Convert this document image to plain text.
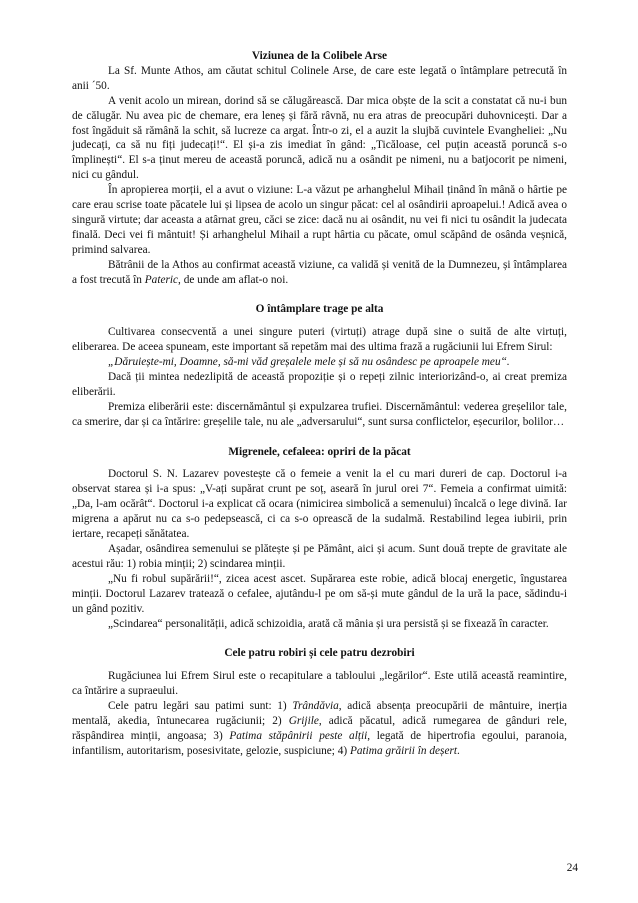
Viziunea de la Colibele Arse

La Sf. Munte Athos, am căutat schitul Colinele Arse, de care este legată o întâmplare petrecută în anii ´50.

A venit acolo un mirean, dorind să se călugărească. Dar mica obște de la scit a constatat că nu-i bun de călugăr. Nu avea pic de chemare, era leneș și fără râvnă, nu era atras de preocupări duhovnicești. Dar a fost îngăduit să rămână la schit, să lucreze ca argat. Într-o zi, el a auzit la slujbă cuvintele Evangheliei: „Nu judecați, ca să nu fiți judecați!“. El și-a zis imediat în gând: „Ticăloase, cel puțin această poruncă s-o împlinești“. El s-a ținut mereu de această poruncă, adică nu a osândit pe nimeni, nu a batjocorit pe nimeni, nici cu gândul.

În apropierea morții, el a avut o viziune: L-a văzut pe arhanghelul Mihail ținând în mână o hârtie pe care erau scrise toate păcatele lui și lipsea de acolo un singur păcat: cel al osândirii aproapelui.! Adică avea o singură virtute; dar aceasta a atârnat greu, căci se zice: dacă nu ai osândit, nu vei fi nici tu osândit la judecata finală. Deci vei fi mântuit! Și arhanghelul Mihail a rupt hârtia cu păcate, omul scăpând de osânda veșnică, primind salvarea.

Bătrânii de la Athos au confirmat această viziune, ca validă și venită de la Dumnezeu, și întâmplarea a fost trecută în Pateric, de unde am aflat-o noi.

O întâmplare trage pe alta

Cultivarea consecventă a unei singure puteri (virtuți) atrage după sine o suită de alte virtuți, eliberarea. De aceea spuneam, este important să repetăm mai des ultima frază a rugăciunii lui Efrem Sirul:

„Dăruiește-mi, Doamne, să-mi văd greșalele mele și să nu osândesc pe aproapele meu“.

Dacă ții mintea nedezlipită de această propoziție și o repeți zilnic interiorizând-o, ai creat premiza eliberării.

Premiza eliberării este: discernământul și expulzarea trufiei. Discernământul: vederea greșelilor tale, ca smerire, dar și ca întărire: greșelile tale, nu ale „adversarului“, sunt sursa conflictelor, eșecurilor, bolilor…

Migrenele, cefaleea: opriri de la păcat

Doctorul S. N. Lazarev povestește că o femeie a venit la el cu mari dureri de cap. Doctorul i-a observat starea și i-a spus: „V-ați supărat crunt pe soț, aseară în jurul orei 7“. Femeia a confirmat uimită: „Da, l-am ocărât“. Doctorul i-a explicat că ocara (nimicirea simbolică a semenului) încalcă o lege divină. Iar migrena a apărut nu ca s-o pedepsească, ci ca s-o oprească de la sudalmă. Restabilind legea iubirii, prin iertare, recapeți sănătatea.

Așadar, osândirea semenului se plătește și pe Pământ, aici și acum. Sunt două trepte de gravitate ale acestui rău: 1) robia minții; 2) scindarea minții.

„Nu fi robul supărării!“, zicea acest ascet. Supărarea este robie, adică blocaj energetic, îngustarea minții. Doctorul Lazarev tratează o cefalee, ajutându-l pe om să-și mute gândul de la ură la pace, sădindu-i un gând pozitiv.

„Scindarea“ personalității, adică schizoidia, arată că mânia și ura persistă și se fixează în caracter.

Cele patru robiri și cele patru dezrobiri

Rugăciunea lui Efrem Sirul este o recapitulare a tabloului „legărilor“. Este utilă această reamintire, ca întărire a supraeului.

Cele patru legări sau patimi sunt: 1) Trândăvia, adică absența preocupării de mântuire, inerția mentală, akedia, întunecarea rugăciunii; 2) Grijile, adică păcatul, adică rumegarea de gânduri rele, răspândirea minții, angoasa; 3) Patima stăpânirii peste alții, legată de hipertrofia egoului, paranoia, infantilism, autoritarism, posesivitate, gelozie, suspiciune; 4) Patima grăirii în deșert.

24
